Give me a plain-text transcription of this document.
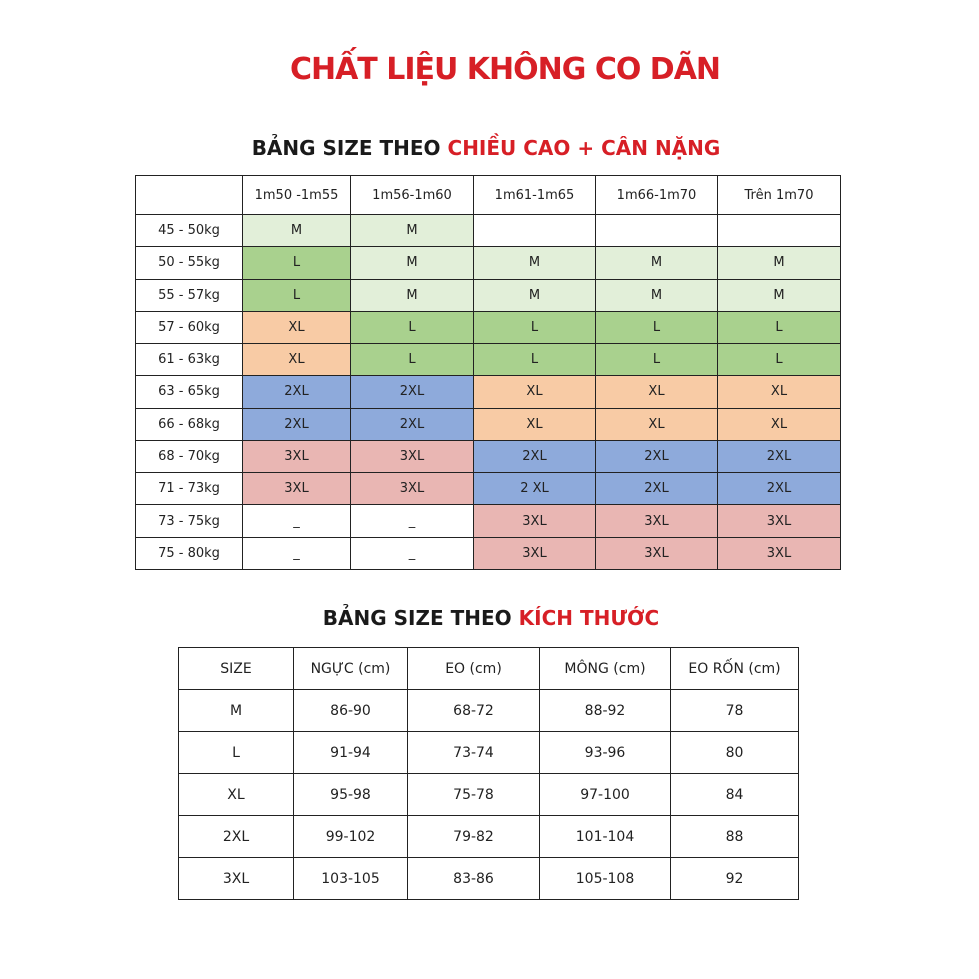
CHẤT LIỆU KHÔNG CO DÃN
BẢNG SIZE THEO CHIỀU CAO + CÂN NẶNG
	1m50 -1m55	1m56-1m60	1m61-1m65	1m66-1m70	Trên 1m70
45 - 50kg	M	M			
50 - 55kg	L	M	M	M	M
55 - 57kg	L	M	M	M	M
57 - 60kg	XL	L	L	L	L
61 - 63kg	XL	L	L	L	L
63 - 65kg	2XL	2XL	XL	XL	XL
66 - 68kg	2XL	2XL	XL	XL	XL
68 - 70kg	3XL	3XL	2XL	2XL	2XL
71 - 73kg	3XL	3XL	2 XL	2XL	2XL
73 - 75kg	_	_	3XL	3XL	3XL
75 - 80kg	_	_	3XL	3XL	3XL
BẢNG SIZE THEO KÍCH THƯỚC
SIZE	NGỰC (cm)	EO (cm)	MÔNG (cm)	EO RỐN (cm)
M	86-90	68-72	88-92	78
L	91-94	73-74	93-96	80
XL	95-98	75-78	97-100	84
2XL	99-102	79-82	101-104	88
3XL	103-105	83-86	105-108	92
